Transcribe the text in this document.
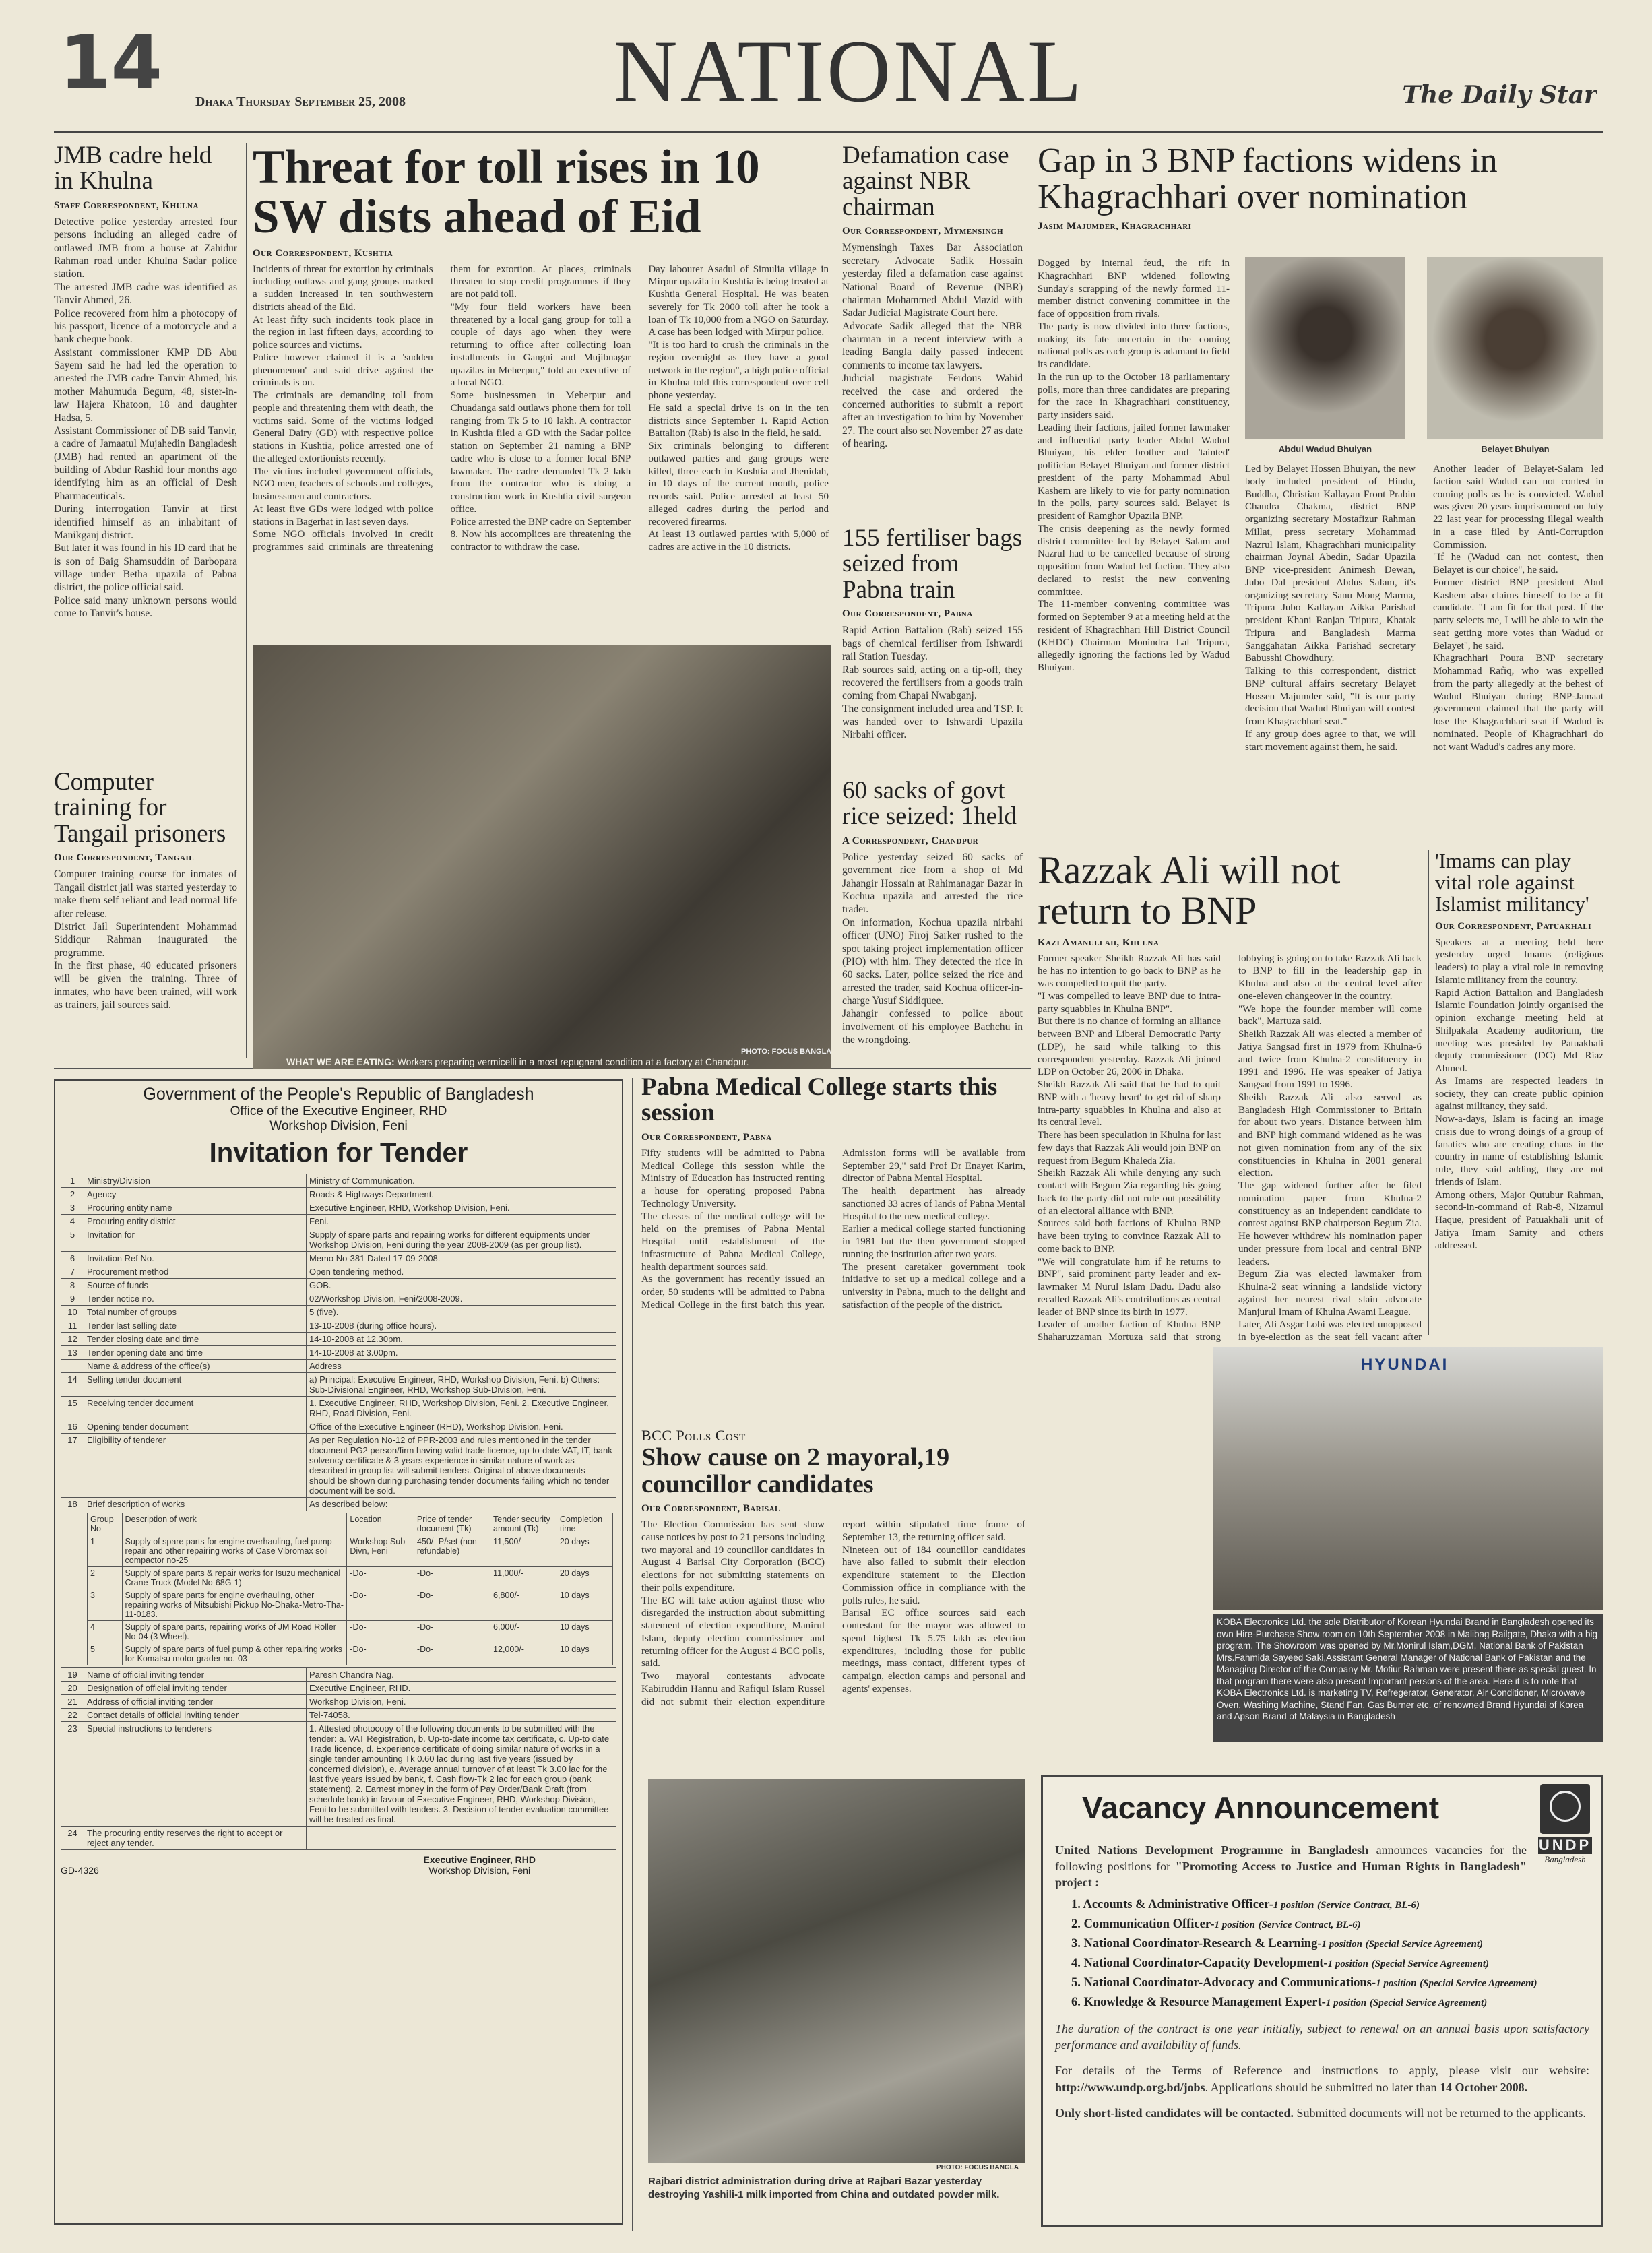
14 Dhaka Thursday September 25, 2008 NATIONAL	The Daily Star
JMB cadre held in Khulna
Staff Correspondent, Khulna

Detective police yesterday arrested four persons including an alleged cadre of outlawed JMB from a house at Zahidur Rahman road under Khulna Sadar police station.

The arrested JMB cadre was identified as Tanvir Ahmed, 26.

Police recovered from him a photocopy of his passport, licence of a motorcycle and a bank cheque book.

Assistant commissioner KMP DB Abu Sayem said he had led the operation to arrested the JMB cadre Tanvir Ahmed, his mother Mahumuda Begum, 48, sister-in-law Hajera Khatoon, 18 and daughter Hadsa, 5.

Assistant Commissioner of DB said Tanvir, a cadre of Jamaatul Mujahedin Bangladesh (JMB) had rented an apartment of the building of Abdur Rashid four months ago identifying him as an official of Desh Pharmaceuticals.

During interrogation Tanvir at first identified himself as an inhabitant of Manikganj district.

But later it was found in his ID card that he is son of Baig Shamsuddin of Barbopara village under Betha upazila of Pabna district, the police official said.

Police said many unknown persons would come to Tanvir's house.

Computer training for Tangail prisoners
Our Correspondent, Tangail

Computer training course for inmates of Tangail district jail was started yesterday to make them self reliant and lead normal life after release.

District Jail Superintendent Mohammad Siddiqur Rahman inaugurated the programme.

In the first phase, 40 educated prisoners will be given the training. Three of inmates, who have been trained, will work as trainers, jail sources said.

Threat for toll rises in 10 SW dists ahead of Eid
Our Correspondent, Kushtia

Incidents of threat for extortion by criminals including outlaws and gang groups marked a sudden increased in ten southwestern districts ahead of the Eid.

At least fifty such incidents took place in the region in last fifteen days, according to police sources and victims.

Police however claimed it is a 'sudden phenomenon' and said drive against the criminals is on.

The criminals are demanding toll from people and threatening them with death, the victims said. Some of the victims lodged General Dairy (GD) with respective police stations in Kushtia, police arrested one of the alleged extortionists recently.

The victims included government officials, NGO men, teachers of schools and colleges, businessmen and contractors.

At least five GDs were lodged with police stations in Bagerhat in last seven days.

Some NGO officials involved in credit programmes said criminals are threatening them for extortion. At places, criminals threaten to stop credit programmes if they are not paid toll.

"My four field workers have been threatened by a local gang group for toll a couple of days ago when they were returning to office after collecting loan installments in Gangni and Mujibnagar upazilas in Meherpur," told an executive of a local NGO.

Some businessmen in Meherpur and Chuadanga said outlaws phone them for toll ranging from Tk 5 to 10 lakh. A contractor in Kushtia filed a GD with the Sadar police station on September 21 naming a BNP cadre who is close to a former local BNP lawmaker. The cadre demanded Tk 2 lakh from the contractor who is doing a construction work in Kushtia civil surgeon office.

Police arrested the BNP cadre on September 8. Now his accomplices are threatening the contractor to withdraw the case.

Day labourer Asadul of Simulia village in Mirpur upazila in Kushtia is being treated at Kushtia General Hospital. He was beaten severely for Tk 2000 toll after he took a loan of Tk 10,000 from a NGO on Saturday. A case has been lodged with Mirpur police.

"It is too hard to crush the criminals in the region overnight as they have a good network in the region", a high police official in Khulna told this correspondent over cell phone yesterday.

He said a special drive is on in the ten districts since September 1. Rapid Action Battalion (Rab) is also in the field, he said.

Six criminals belonging to different outlawed parties and gang groups were killed, three each in Kushtia and Jhenidah, in 10 days of the current month, police records said. Police arrested at least 50 alleged cadres during the period and recovered firearms.

At least 13 outlawed parties with 5,000 of cadres are active in the 10 districts.

PHOTO: FOCUS BANGLA
WHAT WE ARE EATING: Workers preparing vermicelli in a most repugnant condition at a factory at Chandpur.
Defamation case against NBR chairman
Our Correspondent, Mymensingh

Mymensingh Taxes Bar Association secretary Advocate Sadik Hossain yesterday filed a defamation case against National Board of Revenue (NBR) chairman Mohammed Abdul Mazid with Sadar Judicial Magistrate Court here.

Advocate Sadik alleged that the NBR chairman in a recent interview with a leading Bangla daily passed indecent comments to income tax lawyers.

Judicial magistrate Ferdous Wahid received the case and ordered the concerned authorities to submit a report after an investigation to him by November 27. The court also set November 27 as date of hearing.

155 fertiliser bags seized from Pabna train
Our Correspondent, Pabna

Rapid Action Battalion (Rab) seized 155 bags of chemical fertiliser from Ishwardi rail Station Tuesday.

Rab sources said, acting on a tip-off, they recovered the fertilisers from a goods train coming from Chapai Nwabganj.

The consignment included urea and TSP. It was handed over to Ishwardi Upazila Nirbahi officer.

60 sacks of govt rice seized: 1held
A Correspondent, Chandpur

Police yesterday seized 60 sacks of government rice from a shop of Md Jahangir Hossain at Rahimanagar Bazar in Kochua upazila and arrested the rice trader.

On information, Kochua upazila nirbahi officer (UNO) Firoj Sarker rushed to the spot taking project implementation officer (PIO) with him. They detected the rice in 60 sacks. Later, police seized the rice and arrested the trader, said Kochua officer-in-charge Yusuf Siddiquee.

Jahangir confessed to police about involvement of his employee Bachchu in the wrongdoing.

Gap in 3 BNP factions widens in Khagrachhari over nomination
Jasim Majumder, Khagrachhari
Abdul Wadud Bhuiyan	Belayet Bhuiyan

Dogged by internal feud, the rift in Khagrachhari BNP widened following Sunday's scrapping of the newly formed 11-member district convening committee in the face of opposition from rivals.

The party is now divided into three factions, making its fate uncertain in the coming national polls as each group is adamant to field its candidate.

In the run up to the October 18 parliamentary polls, more than three candidates are preparing for the race in Khagrachhari constituency, party insiders said.

Leading their factions, jailed former lawmaker and influential party leader Abdul Wadud Bhuiyan, his elder brother and 'tainted' politician Belayet Bhuiyan and former district president of the party Mohammad Abul Kashem are likely to vie for party nomination in the polls, party sources said. Belayet is president of Ramghor Upazila BNP.

The crisis deepening as the newly formed district committee led by Belayet Salam and Nazrul had to be cancelled because of strong opposition from Wadud led faction. They also declared to resist the new convening committee.

The 11-member convening committee was formed on September 9 at a meeting held at the resident of Khagrachhari Hill District Council (KHDC) Chairman Monindra Lal Tripura, allegedly ignoring the factions led by Wadud Bhuiyan.

Led by Belayet Hossen Bhuiyan, the new body included president of Hindu, Buddha, Christian Kallayan Front Prabin Chandra Chakma, district BNP organizing secretary Mostafizur Rahman Millat, press secretary Mohammad Nazrul Islam, Khagrachhari municipality chairman Joynal Abedin, Sadar Upazila BNP vice-president Animesh Dewan, Jubo Dal president Abdus Salam, it's organizing secretary Sanu Mong Marma, Tripura Jubo Kallayan Aikka Parishad president Khani Ranjan Tripura, Khatak Tripura and Bangladesh Marma Sanggahatan Aikka Parishad secretary Babusshi Chowdhury.

Talking to this correspondent, district BNP cultural affairs secretary Belayet Hossen Majumder said, "It is our party decision that Wadud Bhuiyan will contest from Khagrachhari seat."

If any group does agree to that, we will start movement against them, he said.

Another leader of Belayet-Salam led faction said Wadud can not contest in coming polls as he is convicted. Wadud was given 20 years imprisonment on July 22 last year for processing illegal wealth in a case filed by Anti-Corruption Commission.

"If he (Wadud can not contest, then Belayet is our choice", he said.

Former district BNP president Abul Kashem also claims himself to be a fit candidate. "I am fit for that post. If the party selects me, I will be able to win the seat getting more votes than Wadud or Belayet", he said.

Khagrachhari Poura BNP secretary Mohammad Rafiq, who was expelled from the party allegedly at the behest of Wadud Bhuiyan during BNP-Jamaat government claimed that the party will lose the Khagrachhari seat if Wadud is nominated. People of Khagrachhari do not want Wadud's cadres any more.

Razzak Ali will not return to BNP
Kazi Amanullah, Khulna

Former speaker Sheikh Razzak Ali has said he has no intention to go back to BNP as he was compelled to quit the party.

"I was compelled to leave BNP due to intra-party squabbles in Khulna BNP".

But there is no chance of forming an alliance between BNP and Liberal Democratic Party (LDP), he said while talking to this correspondent yesterday. Razzak Ali joined LDP on October 26, 2006 in Dhaka.

Sheikh Razzak Ali said that he had to quit BNP with a 'heavy heart' to get rid of sharp intra-party squabbles in Khulna and also at its central level.

There has been speculation in Khulna for last few days that Razzak Ali would join BNP on request from Begum Khaleda Zia.

Sheikh Razzak Ali while denying any such contact with Begum Zia regarding his going back to the party did not rule out possibility of an electoral alliance with BNP.

Sources said both factions of Khulna BNP have been trying to convince Razzak Ali to come back to BNP.

"We will congratulate him if he returns to BNP", said prominent party leader and ex-lawmaker M Nurul Islam Dadu. Dadu also recalled Razzak Ali's contributions as central leader of BNP since its birth in 1977.

Leader of another faction of Khulna BNP Shaharuzzaman Mortuza said that strong lobbying is going on to take Razzak Ali back to BNP to fill in the leadership gap in Khulna and also at the central level after one-eleven changeover in the country.

"We hope the founder member will come back", Martuza said.

Sheikh Razzak Ali was elected a member of Jatiya Sangsad first in 1979 from Khulna-6 and twice from Khulna-2 constituency in 1991 and 1996. He was speaker of Jatiya Sangsad from 1991 to 1996.

Sheikh Razzak Ali also served as Bangladesh High Commissioner to Britain for about two years. Distance between him and BNP high command widened as he was not given nomination from any of the six constituencies in Khulna in 2001 general election.

The gap widened further after he filed nomination paper from Khulna-2 constituency as an independent candidate to contest against BNP chairperson Begum Zia. He however withdrew his nomination paper under pressure from local and central BNP leaders.

Begum Zia was elected lawmaker from Khulna-2 seat winning a landslide victory against her nearest rival slain advocate Manjurul Imam of Khulna Awami League.

Later, Ali Asgar Lobi was elected unopposed in bye-election as the seat fell vacant after

'Imams can play vital role against Islamist militancy'
Our Correspondent, Patuakhali

Speakers at a meeting held here yesterday urged Imams (religious leaders) to play a vital role in removing Islamic militancy from the country.

Rapid Action Battalion and Bangladesh Islamic Foundation jointly organised the opinion exchange meeting held at Shilpakala Academy auditorium, the meeting was presided by Patuakhali deputy commissioner (DC) Md Riaz Ahmed.

As Imams are respected leaders in society, they can create public opinion against militancy, they said.

Now-a-days, Islam is facing an image crisis due to wrong doings of a group of fanatics who are creating chaos in the country in name of establishing Islamic rule, they said adding, they are not friends of Islam.

Among others, Major Qutubur Rahman, second-in-command of Rab-8, Nizamul Haque, president of Patuakhali unit of Jatiya Imam Samity and others addressed.

HYUNDAI
KOBA Electronics Ltd. the sole Distributor of Korean Hyundai Brand in Bangladesh opened its own Hire-Purchase Show room on 10th September 2008 in Malibag Railgate, Dhaka with a big program. The Showroom was opened by Mr.Monirul Islam,DGM, National Bank of Pakistan Mrs.Fahmida Sayeed Saki,Assistant General Manager of National Bank of Pakistan and the Managing Director of the Company Mr. Motiur Rahman were present there as special guest. In that program there were also present Important persons of the area. Here it is to note that KOBA Electronics Ltd. is marketing TV, Refregerator, Generator, Air Conditioner, Microwave Oven, Washing Machine, Stand Fan, Gas Burner etc. of renowned Brand Hyundai of Korea and Apson Brand of Malaysia in Bangladesh
Vacancy Announcement
UNDP
Bangladesh
United Nations Development Programme in Bangladesh announces vacancies for the following positions for "Promoting Access to Justice and Human Rights in Bangladesh" project :
1. Accounts & Administrative Officer-1 position (Service Contract, BL-6)
2. Communication Officer-1 position (Service Contract, BL-6)
3. National Coordinator-Research & Learning-1 position (Special Service Agreement)
4. National Coordinator-Capacity Development-1 position (Special Service Agreement)
5. National Coordinator-Advocacy and Communications-1 position (Special Service Agreement)
6. Knowledge & Resource Management Expert-1 position (Special Service Agreement)
The duration of the contract is one year initially, subject to renewal on an annual basis upon satisfactory performance and availability of funds.
For details of the Terms of Reference and instructions to apply, please visit our website: http://www.undp.org.bd/jobs. Applications should be submitted no later than 14 October 2008.
Only short-listed candidates will be contacted. Submitted documents will not be returned to the applicants.
Pabna Medical College starts this session
Our Correspondent, Pabna

Fifty students will be admitted to Pabna Medical College this session while the Ministry of Education has instructed renting a house for operating proposed Pabna Technology University.

The classes of the medical college will be held on the premises of Pabna Mental Hospital until establishment of the infrastructure of Pabna Medical College, health department sources said.

As the government has recently issued an order, 50 students will be admitted to Pabna Medical College in the first batch this year. Admission forms will be available from September 29," said Prof Dr Enayet Karim, director of Pabna Mental Hospital.

The health department has already sanctioned 33 acres of lands of Pabna Mental Hospital to the new medical college.

Earlier a medical college started functioning in 1981 but the then government stopped running the institution after two years.

The present caretaker government took initiative to set up a medical college and a university in Pabna, much to the delight and satisfaction of the people of the district.

BCC Polls Cost
Show cause on 2 mayoral,19 councillor candidates
Our Correspondent, Barisal

The Election Commission has sent show cause notices by post to 21 persons including two mayoral and 19 councillor candidates in August 4 Barisal City Corporation (BCC) elections for not submitting statements on their polls expenditure.

The EC will take action against those who disregarded the instruction about submitting statement of election expenditure, Manirul Islam, deputy election commissioner and returning officer for the August 4 BCC polls, said.

Two mayoral contestants advocate Kabiruddin Hannu and Rafiqul Islam Russel did not submit their election expenditure report within stipulated time frame of September 13, the returning officer said.

Nineteen out of 184 councillor candidates have also failed to submit their election expenditure statement to the Election Commission office in compliance with the polls rules, he said.

Barisal EC office sources said each contestant for the mayor was allowed to spend highest Tk 5.75 lakh as election expenditures, including those for public meetings, mass contact, different types of campaign, election camps and personal and agents' expenses.

PHOTO: FOCUS BANGLA
Rajbari district administration during drive at Rajbari Bazar yesterday destroying Yashili-1 milk imported from China and outdated powder milk.
Government of the People's Republic of Bangladesh
Office of the Executive Engineer, RHD
Workshop Division, Feni
Invitation for Tender
1	Ministry/Division	Ministry of Communication.
2	Agency	Roads & Highways Department.
3	Procuring entity name	Executive Engineer, RHD, Workshop Division, Feni.
4	Procuring entity district	Feni.
5	Invitation for	Supply of spare parts and repairing works for different equipments under Workshop Division, Feni during the year 2008-2009 (as per group list).
6	Invitation Ref No.	Memo No-381 Dated 17-09-2008.
7	Procurement method	Open tendering method.
8	Source of funds	GOB.
9	Tender notice no.	02/Workshop Division, Feni/2008-2009.
10	Total number of groups	5 (five).
11	Tender last selling date	13-10-2008 (during office hours).
12	Tender closing date and time	14-10-2008 at 12.30pm.
13	Tender opening date and time	14-10-2008 at 3.00pm.
	Name & address of the office(s)	Address
14	Selling tender document	a) Principal: Executive Engineer, RHD, Workshop Division, Feni. b) Others: Sub-Divisional Engineer, RHD, Workshop Sub-Division, Feni.
15	Receiving tender document	1. Executive Engineer, RHD, Workshop Division, Feni. 2. Executive Engineer, RHD, Road Division, Feni.
16	Opening tender document	Office of the Executive Engineer (RHD), Workshop Division, Feni.
17	Eligibility of tenderer	As per Regulation No-12 of PPR-2003 and rules mentioned in the tender document PG2 person/firm having valid trade licence, up-to-date VAT, IT, bank solvency certificate & 3 years experience in similar nature of work as described in group list will submit tenders. Original of above documents should be shown during purchasing tender documents failing which no tender document will be sold.
18	Brief description of works	As described below:

Group No	Description of work	Location	Price of tender document (Tk)	Tender security amount (Tk)	Completion time
1	Supply of spare parts for engine overhauling, fuel pump repair and other repairing works of Case Vibromax soil compactor no-25	Workshop Sub-Divn, Feni	450/- P/set (non-refundable)	11,500/-	20 days
2	Supply of spare parts & repair works for Isuzu mechanical Crane-Truck (Model No-68G-1)	-Do-	-Do-	11,000/-	20 days
3	Supply of spare parts for engine overhauling, other repairing works of Mitsubishi Pickup No-Dhaka-Metro-Tha-11-0183.	-Do-	-Do-	6,800/-	10 days
4	Supply of spare parts, repairing works of JM Road Roller No-04 (3 Wheel).	-Do-	-Do-	6,000/-	10 days
5	Supply of spare parts of fuel pump & other repairing works for Komatsu motor grader no.-03	-Do-	-Do-	12,000/-	10 days
19	Name of official inviting tender	Paresh Chandra Nag.
20	Designation of official inviting tender	Executive Engineer, RHD.
21	Address of official inviting tender	Workshop Division, Feni.
22	Contact details of official inviting tender	Tel-74058.
23	Special instructions to tenderers	1. Attested photocopy of the following documents to be submitted with the tender: a. VAT Registration, b. Up-to-date income tax certificate, c. Up-to date Trade licence, d. Experience certificate of doing similar nature of works in a single tender amounting Tk 0.60 lac during last five years (issued by concerned division), e. Average annual turnover of at least Tk 3.00 lac for the last five years issued by bank, f. Cash flow-Tk 2 lac for each group (bank statement). 2. Earnest money in the form of Pay Order/Bank Draft (from schedule bank) in favour of Executive Engineer, RHD, Workshop Division, Feni to be submitted with tenders. 3. Decision of tender evaluation committee will be treated as final.
24	The procuring entity reserves the right to accept or reject any tender.	
GD-4326
Executive Engineer, RHD
Workshop Division, Feni
